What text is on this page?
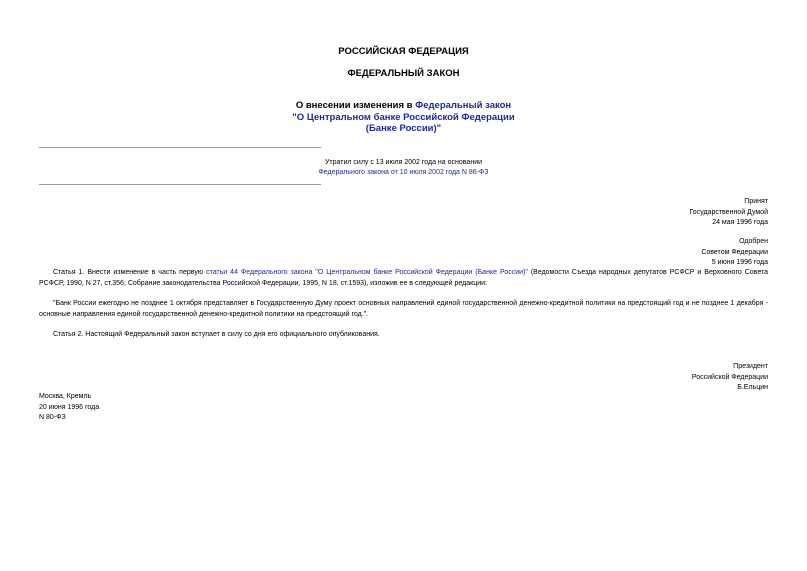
РОССИЙСКАЯ ФЕДЕРАЦИЯ
ФЕДЕРАЛЬНЫЙ ЗАКОН
О внесении изменения в Федеральный закон
"О Центральном банке Российской Федерации
(Банке России)"
Утратил силу с 13 июля 2002 года на основании
Федерального закона от 10 июля 2002 года N 86-ФЗ
Принят
Государственной Думой
24 мая 1996 года
Одобрен
Советом Федерации
5 июня 1996 года
Статья 1. Внести изменение в часть первую статьи 44 Федерального закона "О Центральном банке Российской Федерации (Банке России)" (Ведомости Съезда народных депутатов РСФСР и Верховного Совета РСФСР, 1990, N 27, ст.356; Собрание законодательства Российской Федерации, 1995, N 18, ст.1593), изложив ее в следующей редакции:
"Банк России ежегодно не позднее 1 октября представляет в Государственную Думу проект основных направлений единой государственной денежно-кредитной политики на предстоящий год и не позднее 1 декабря - основные направления единой государственной денежно-кредитной политики на предстоящий год.".
Статья 2. Настоящий Федеральный закон вступает в силу со дня его официального опубликования.
Президент
Российской Федерации
Б.Ельцин
Москва, Кремль
20 июня 1996 года
N 80-ФЗ
